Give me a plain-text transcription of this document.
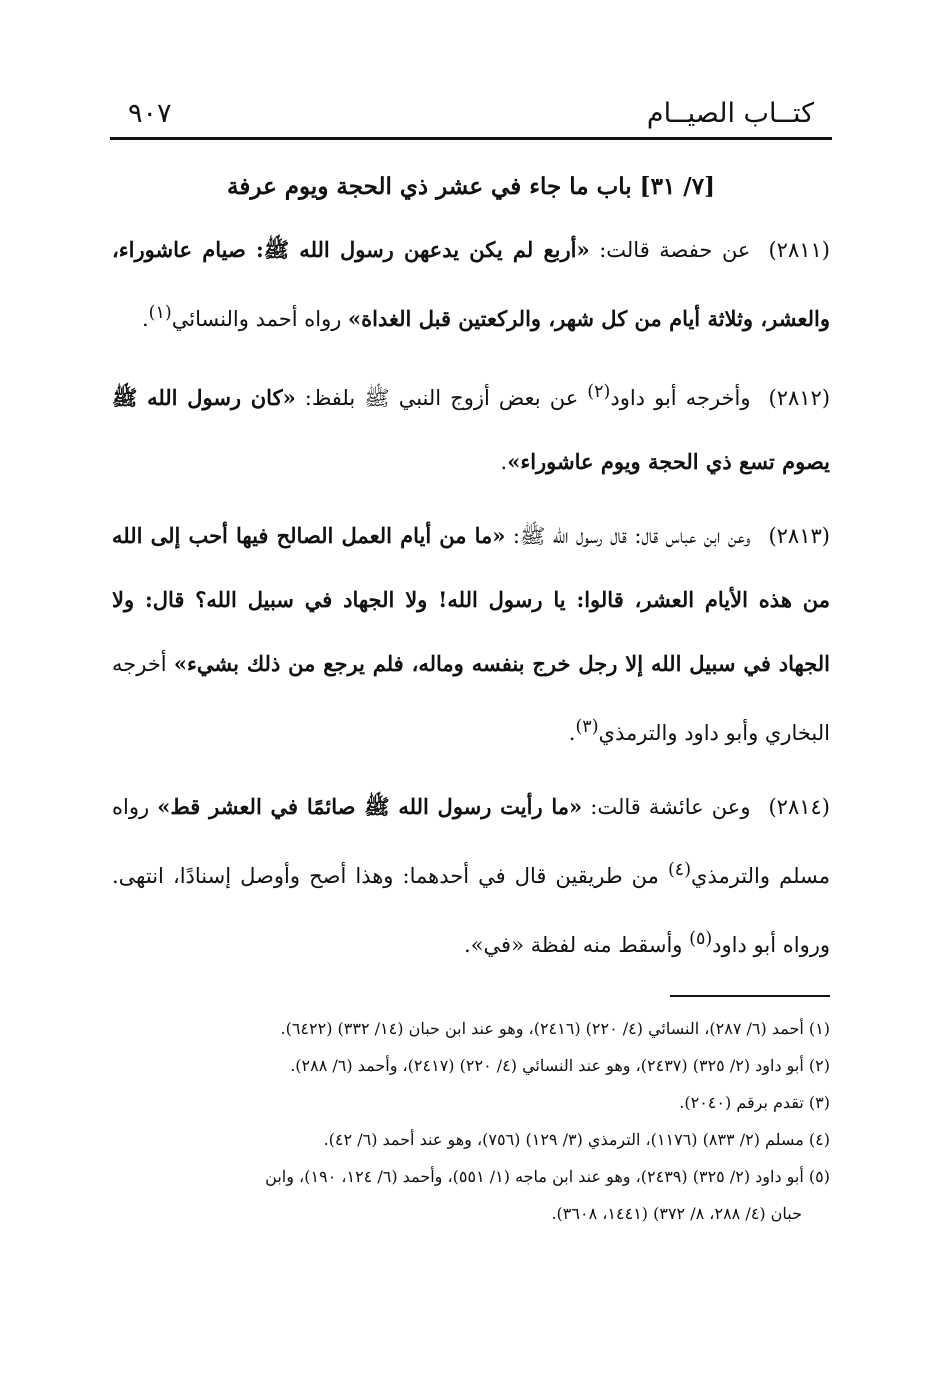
كتــاب الصيــام
٩٠٧
[٧/ ٣١] باب ما جاء في عشر ذي الحجة ويوم عرفة

(٢٨١١)عن حفصة قالت: «أربع لم يكن يدعهن رسول الله ﷺ: صيام عاشوراء، والعشر، وثلاثة أيام من كل شهر، والركعتين قبل الغداة» رواه أحمد والنسائي$^{(١)}$.

(٢٨١٢)وأخرجه أبو داود$^{(٢)}$ عن بعض أزوج النبي ﷺ بلفظ: «كان رسول الله ﷺ يصوم تسع ذي الحجة ويوم عاشوراء».

(٢٨١٣)وعن ابن عباس قال: قال رسول الله ﷺ: «ما من أيام العمل الصالح فيها أحب إلى الله من هذه الأيام العشر، قالوا: يا رسول الله! ولا الجهاد في سبيل الله؟ قال: ولا الجهاد في سبيل الله إلا رجل خرج بنفسه وماله، فلم يرجع من ذلك بشيء» أخرجه البخاري وأبو داود والترمذي$^{(٣)}$.

(٢٨١٤)وعن عائشة قالت: «ما رأيت رسول الله ﷺ صائمًا في العشر قط» رواه مسلم والترمذي$^{(٤)}$ من طريقين قال في أحدهما: وهذا أصح وأوصل إسنادًا، انتهى. ورواه أبو داود$^{(٥)}$ وأسقط منه لفظة «في».

(١) أحمد (٦/ ٢٨٧)، النسائي (٤/ ٢٢٠) (٢٤١٦)، وهو عند ابن حبان (١٤/ ٣٣٢) (٦٤٢٢).

(٢) أبو داود (٢/ ٣٢٥) (٢٤٣٧)، وهو عند النسائي (٤/ ٢٢٠) (٢٤١٧)، وأحمد (٦/ ٢٨٨).

(٣) تقدم برقم (٢٠٤٠).

(٤) مسلم (٢/ ٨٣٣) (١١٧٦)، الترمذي (٣/ ١٢٩) (٧٥٦)، وهو عند أحمد (٦/ ٤٢).

(٥) أبو داود (٢/ ٣٢٥) (٢٤٣٩)، وهو عند ابن ماجه (١/ ٥٥١)، وأحمد (٦/ ١٢٤، ١٩٠)، وابن

حبان (٤/ ٢٨٨، ٨/ ٣٧٢) (١٤٤١، ٣٦٠٨).
